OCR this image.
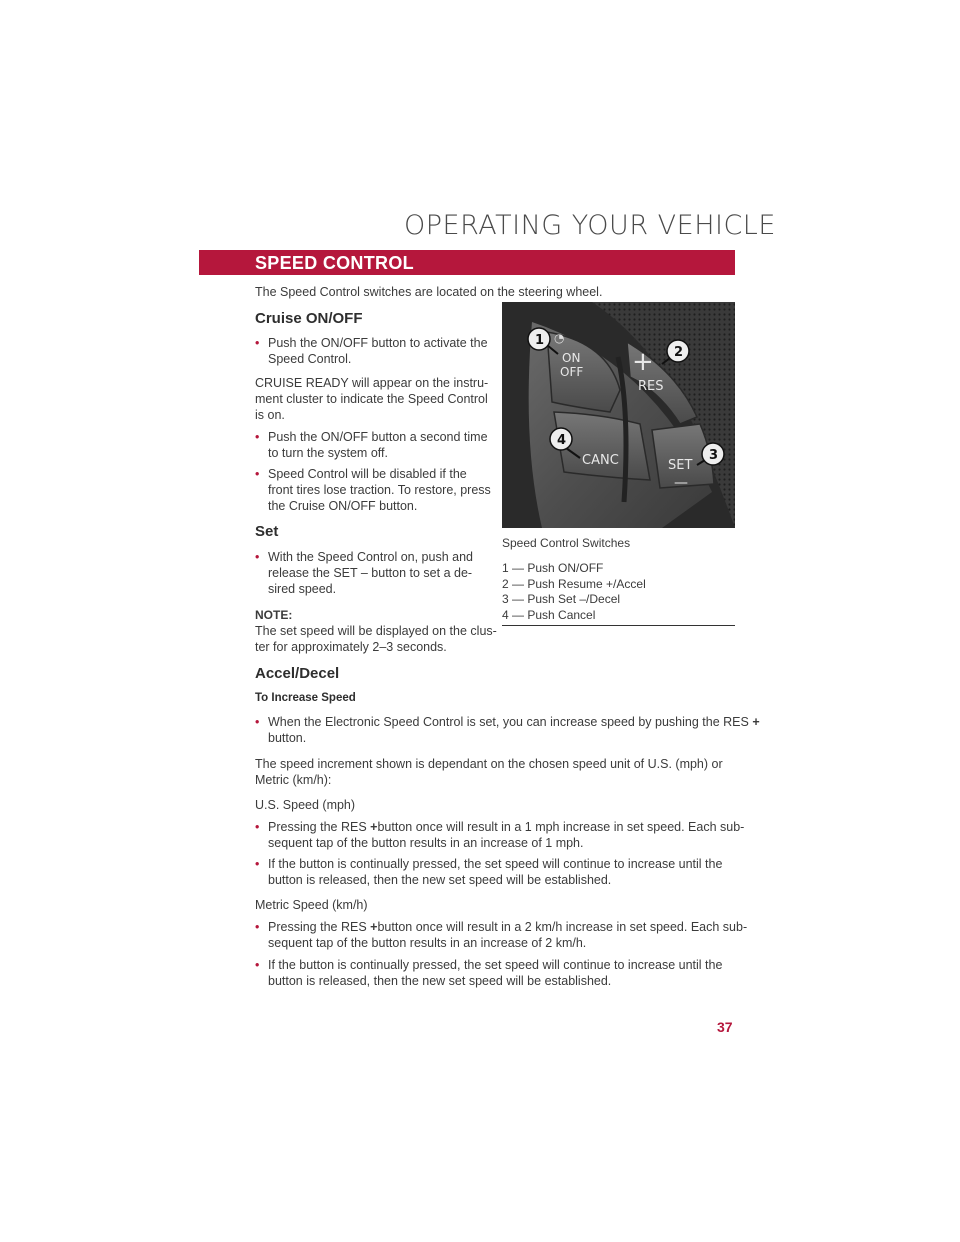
OPERATING YOUR VEHICLE
SPEED CONTROL

The Speed Control switches are located on the steering wheel.

Cruise ON/OFF
• Push the ON/OFF button to activate the
Speed Control.
CRUISE READY will appear on the instru-
ment cluster to indicate the Speed Control
is on.
• Push the ON/OFF button a second time
to turn the system off.
• Speed Control will be disabled if the
front tires lose traction. To restore, press
the Cruise ON/OFF button.
Set
• With the Speed Control on, push and
release the SET – button to set a de-
sired speed.
NOTE:
The set speed will be displayed on the clus-
ter for approximately 2–3 seconds.
◔
ON
OFF +
RES
CANC	SET
—
1
2
3
4
Speed Control Switches
1 — Push ON/OFF
2 — Push Resume +/Accel
3 — Push Set –/Decel
4 — Push Cancel
Accel/Decel
To Increase Speed
• When the Electronic Speed Control is set, you can increase speed by pushing the RES +
button.
The speed increment shown is dependant on the chosen speed unit of U.S. (mph) or
Metric (km/h):
U.S. Speed (mph)
• Pressing the RES +button once will result in a 1 mph increase in set speed. Each sub-
sequent tap of the button results in an increase of 1 mph.
• If the button is continually pressed, the set speed will continue to increase until the
button is released, then the new set speed will be established.
Metric Speed (km/h)
• Pressing the RES +button once will result in a 2 km/h increase in set speed. Each sub-
sequent tap of the button results in an increase of 2 km/h.
• If the button is continually pressed, the set speed will continue to increase until the
button is released, then the new set speed will be established.
37
